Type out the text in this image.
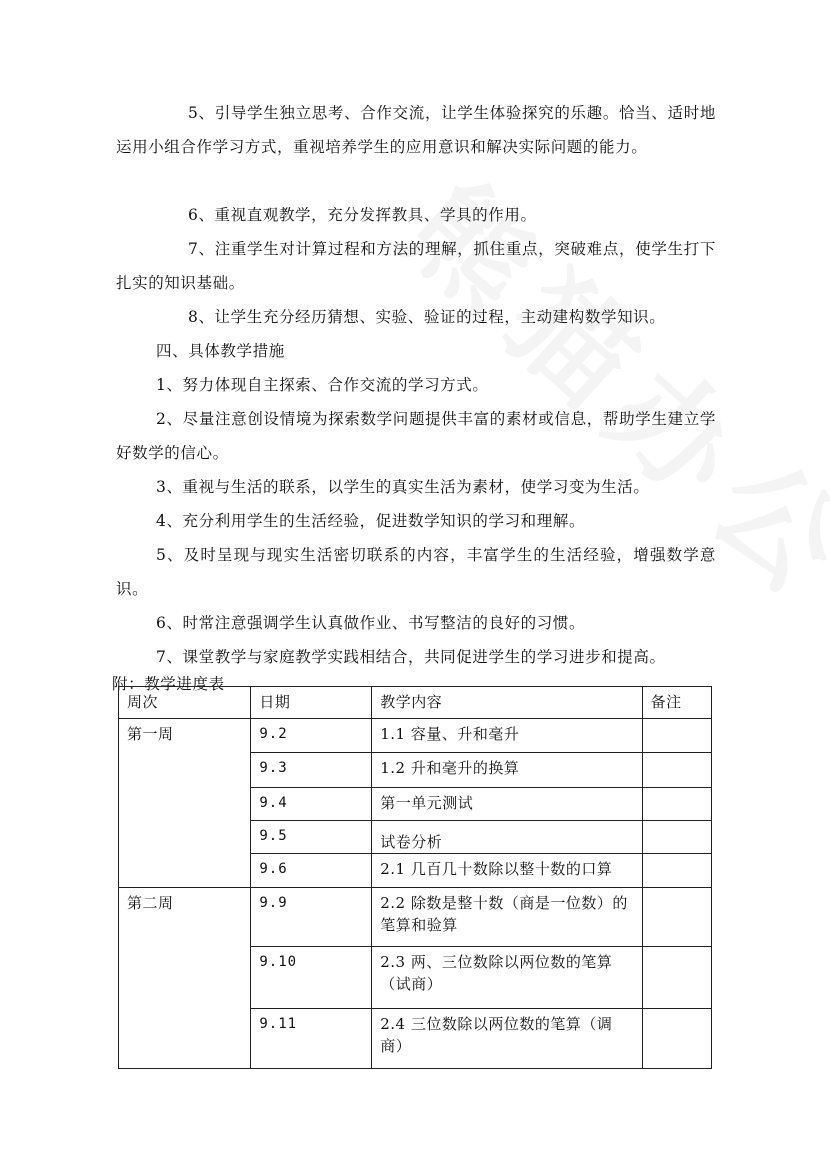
5、引导学生独立思考、合作交流，让学生体验探究的乐趣。恰当、适时地运用小组合作学习方式，重视培养学生的应用意识和解决实际问题的能力。

6、重视直观教学，充分发挥教具、学具的作用。

7、注重学生对计算过程和方法的理解，抓住重点，突破难点，使学生打下扎实的知识基础。

8、让学生充分经历猜想、实验、验证的过程，主动建构数学知识。

四、具体教学措施

1、努力体现自主探索、合作交流的学习方式。

2、尽量注意创设情境为探索数学问题提供丰富的素材或信息，帮助学生建立学好数学的信心。

3、重视与生活的联系，以学生的真实生活为素材，使学习变为生活。

4、充分利用学生的生活经验，促进数学知识的学习和理解。

5、及时呈现与现实生活密切联系的内容，丰富学生的生活经验，增强数学意识。

6、时常注意强调学生认真做作业、书写整洁的良好的习惯。

7、课堂教学与家庭教学实践相结合，共同促进学生的学习进步和提高。

附：教学进度表

周次	日期	教学内容	备注
第一周	9.2	1.1 容量、升和毫升	
	9.3	1.2 升和毫升的换算	
	9.4	第一单元测试	
	9.5	试卷分析	
	9.6	2.1 几百几十数除以整十数的口算	
第二周	9.9	2.2 除数是整十数（商是一位数）的笔算和验算	
	9.10	2.3 两、三位数除以两位数的笔算（试商）	
	9.11	2.4 三位数除以两位数的笔算（调商）	
